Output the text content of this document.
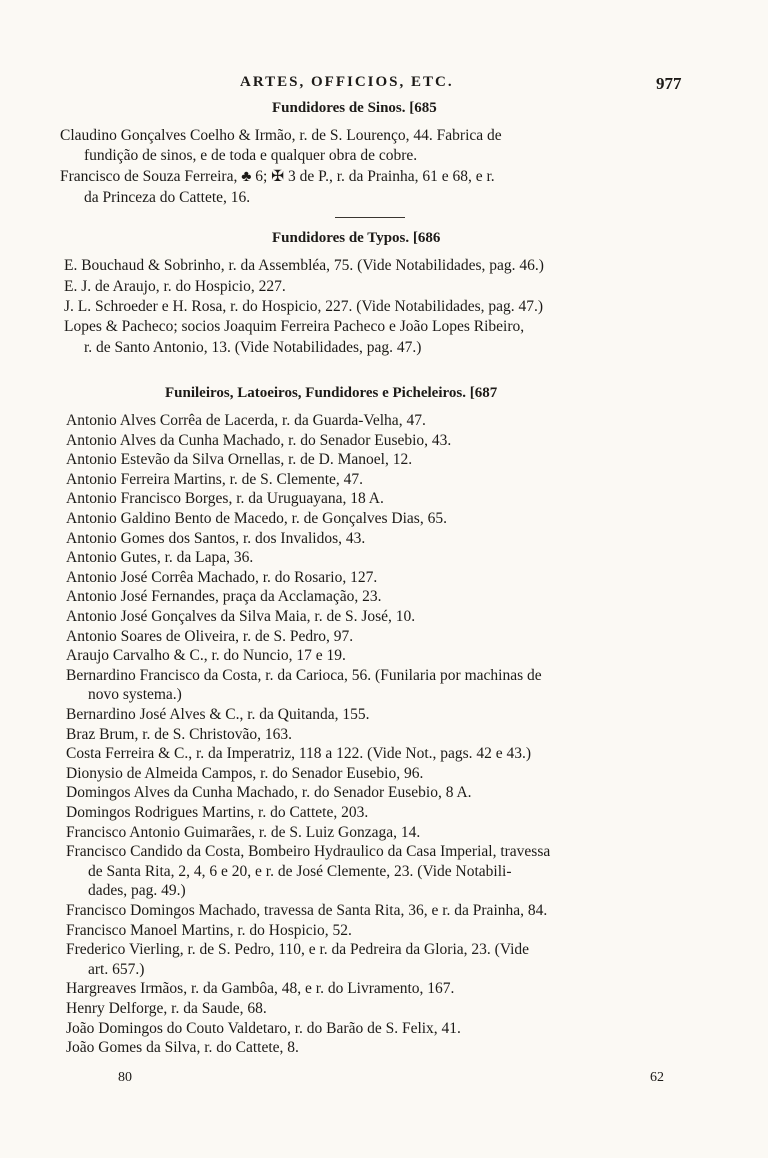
ARTES, OFFICIOS, ETC.	977
Fundidores de Sinos. [685
Claudino Gonçalves Coelho & Irmão, r. de S. Lourenço, 44. Fabrica de
fundição de sinos, e de toda e qualquer obra de cobre.
Francisco de Souza Ferreira, ♣ 6; ✠ 3 de P., r. da Prainha, 61 e 68, e r.
da Princeza do Cattete, 16.
Fundidores de Typos. [686
E. Bouchaud & Sobrinho, r. da Assembléa, 75. (Vide Notabilidades, pag. 46.)
E. J. de Araujo, r. do Hospicio, 227.
J. L. Schroeder e H. Rosa, r. do Hospicio, 227. (Vide Notabilidades, pag. 47.)
Lopes & Pacheco; socios Joaquim Ferreira Pacheco e João Lopes Ribeiro,
r. de Santo Antonio, 13. (Vide Notabilidades, pag. 47.)
Funileiros, Latoeiros, Fundidores e Picheleiros. [687
Antonio Alves Corrêa de Lacerda, r. da Guarda-Velha, 47.
Antonio Alves da Cunha Machado, r. do Senador Eusebio, 43.
Antonio Estevão da Silva Ornellas, r. de D. Manoel, 12.
Antonio Ferreira Martins, r. de S. Clemente, 47.
Antonio Francisco Borges, r. da Uruguayana, 18 A.
Antonio Galdino Bento de Macedo, r. de Gonçalves Dias, 65.
Antonio Gomes dos Santos, r. dos Invalidos, 43.
Antonio Gutes, r. da Lapa, 36.
Antonio José Corrêa Machado, r. do Rosario, 127.
Antonio José Fernandes, praça da Acclamação, 23.
Antonio José Gonçalves da Silva Maia, r. de S. José, 10.
Antonio Soares de Oliveira, r. de S. Pedro, 97.
Araujo Carvalho & C., r. do Nuncio, 17 e 19.
Bernardino Francisco da Costa, r. da Carioca, 56. (Funilaria por machinas de
novo systema.)
Bernardino José Alves & C., r. da Quitanda, 155.
Braz Brum, r. de S. Christovão, 163.
Costa Ferreira & C., r. da Imperatriz, 118 a 122. (Vide Not., pags. 42 e 43.)
Dionysio de Almeida Campos, r. do Senador Eusebio, 96.
Domingos Alves da Cunha Machado, r. do Senador Eusebio, 8 A.
Domingos Rodrigues Martins, r. do Cattete, 203.
Francisco Antonio Guimarães, r. de S. Luiz Gonzaga, 14.
Francisco Candido da Costa, Bombeiro Hydraulico da Casa Imperial, travessa
de Santa Rita, 2, 4, 6 e 20, e r. de José Clemente, 23. (Vide Notabili-
dades, pag. 49.)
Francisco Domingos Machado, travessa de Santa Rita, 36, e r. da Prainha, 84.
Francisco Manoel Martins, r. do Hospicio, 52.
Frederico Vierling, r. de S. Pedro, 110, e r. da Pedreira da Gloria, 23. (Vide
art. 657.)
Hargreaves Irmãos, r. da Gambôa, 48, e r. do Livramento, 167.
Henry Delforge, r. da Saude, 68.
João Domingos do Couto Valdetaro, r. do Barão de S. Felix, 41.
João Gomes da Silva, r. do Cattete, 8.
80	62
